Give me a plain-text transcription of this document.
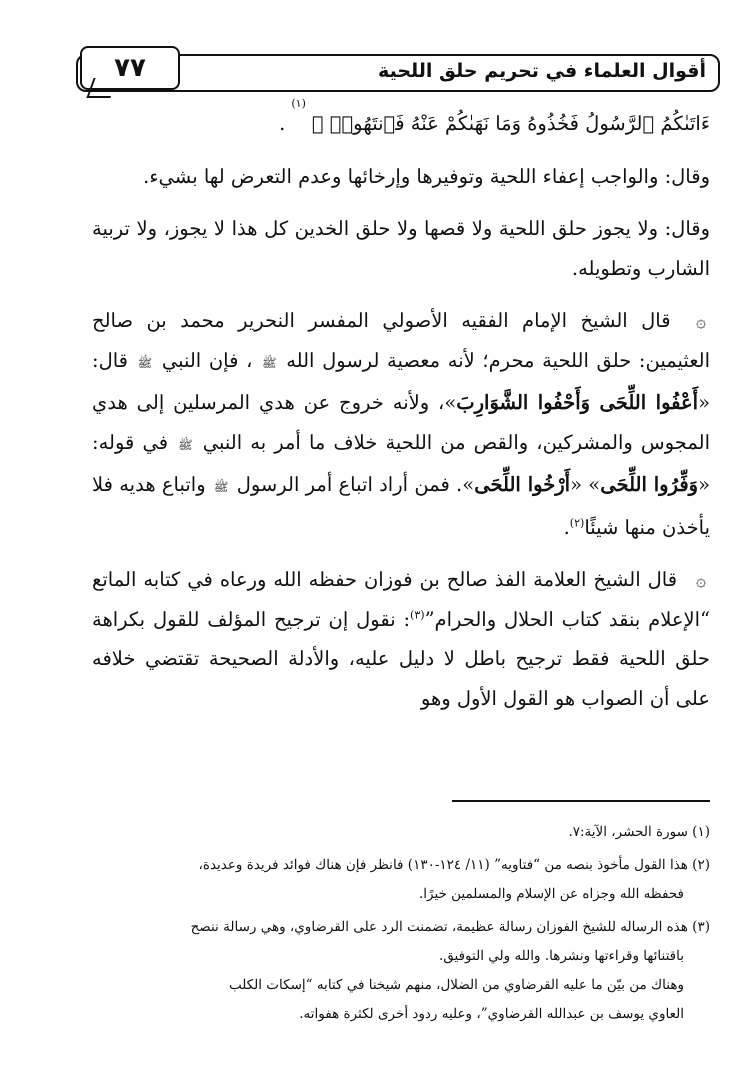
٧٧	أقوال العلماء في تحريم حلق اللحية

ءَاتَىٰكُمُ ٱلرَّسُولُ فَخُذُوهُ وَمَا نَهَىٰكُمْ عَنْهُ فَٱنتَهُوا۟ ﴾
(١)
.

وقال: والواجب إعفاء اللحية وتوفيرها وإرخائها وعدم التعرض لها بشيء.

وقال: ولا يجوز حلق اللحية ولا قصها ولا حلق الخدين كل هذا لا يجوز، ولا تربية الشارب وتطويله.

۞ قال الشيخ الإمام الفقيه الأصولي المفسر النحرير محمد بن صالح العثيمين: حلق اللحية محرم؛ لأنه معصية لرسول الله ﷺ ، فإن النبي ﷺ قال: «أَعْفُوا اللِّحَى وَأَحْفُوا الشَّوَارِبَ»، ولأنه خروج عن هدي المرسلين إلى هدي المجوس والمشركين، والقص من اللحية خلاف ما أمر به النبي ﷺ في قوله: «وَفِّرُوا اللِّحَى» «أَرْخُوا اللِّحَى». فمن أراد اتباع أمر الرسول ﷺ واتباع هديه فلا يأخذن منها شيئًا$^{(٢)}$.

۞ قال الشيخ العلامة الفذ صالح بن فوزان حفظه الله ورعاه في كتابه الماتع “الإعلام بنقد كتاب الحلال والحرام”$^{(٣)}$: نقول إن ترجيح المؤلف للقول بكراهة حلق اللحية فقط ترجيح باطل لا دليل عليه، والأدلة الصحيحة تقتضي خلافه على أن الصواب هو القول الأول وهو

(١) سورة الحشر، الآية:٧.
(٢) هذا القول مأخوذ بنصه من “فتاويه” (١١/ ١٢٤-١٣٠) فانظر فإن هناك فوائد فريدة وعديدة،
فحفظه الله وجزاه عن الإسلام والمسلمين خيرًا.
(٣) هذه الرساله للشيخ الفوزان رسالة عظيمة، تضمنت الرد على القرضاوي، وهي رسالة ننصح
باقتنائها وقراءتها ونشرها. والله ولي التوفيق.
وهناك من بيّن ما عليه القرضاوي من الضلال، منهم شيخنا في كتابه “إسكات الكلب
العاوي يوسف بن عبدالله القرضاوي”، وعليه ردود أخرى لكثرة هفواته.
